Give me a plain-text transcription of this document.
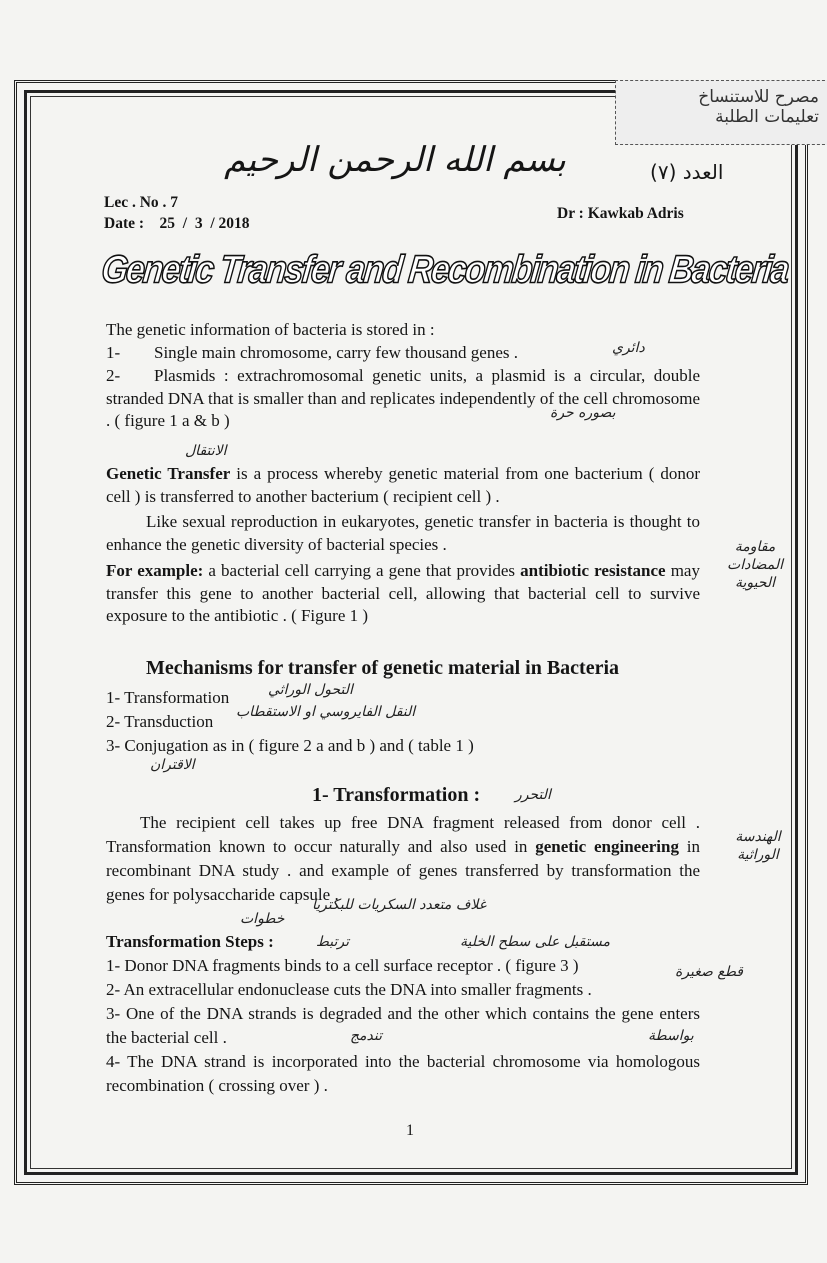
مصرح للاستنساخ
تعليمات الطلبة
بسم الله الرحمن الرحيم	العدد (٧)
Lec . No . 7
Date :    25  /  3  / 2018
Dr : Kawkab Adris
Genetic Transfer and Recombination in Bacteria
The genetic information of bacteria is stored in :
1-	Single main chromosome, carry few thousand genes .
2- Plasmids : extrachromosomal genetic units, a plasmid is a circular, double stranded DNA that is smaller than and replicates independently of the cell chromosome . ( figure 1 a & b )
Genetic Transfer is a process whereby genetic material from one bacterium ( donor cell ) is transferred to another bacterium ( recipient cell ) .
Like sexual reproduction in eukaryotes, genetic transfer in bacteria is thought to enhance the genetic diversity of bacterial species .
For example: a bacterial cell carrying a gene that provides antibiotic resistance may transfer this gene to another bacterial cell, allowing that bacterial cell to survive exposure to the antibiotic . ( Figure 1 )
Mechanisms for transfer of genetic material in Bacteria
1- Transformation
2- Transduction
3- Conjugation as in ( figure 2 a and b ) and ( table 1 )
1- Transformation :
The recipient cell takes up free DNA fragment released from donor cell . Transformation known to occur naturally and also used in genetic engineering in recombinant DNA study . and example of genes transferred by transformation the genes for polysaccharide capsule .
Transformation Steps :
1- Donor DNA fragments binds to a cell surface receptor . ( figure 3 )
2- An extracellular endonuclease cuts the DNA into smaller fragments .
3- One of the DNA strands is degraded and the other which contains the gene enters the bacterial cell .
4- The DNA strand is incorporated into the bacterial chromosome via homologous recombination ( crossing over ) .
دائري
بصوره حرة
الانتقال
مقاومة المضادات الحيوية
التحول الوراثي
النقل الفايروسي او الاستقطاب
الاقتران
التحرر
الهندسة الوراثية
غلاف متعدد السكريات للبكتريا
خطوات
ترتبط	مستقبل على سطح الخلية
قطع صغيرة
تندمج	بواسطة
1
